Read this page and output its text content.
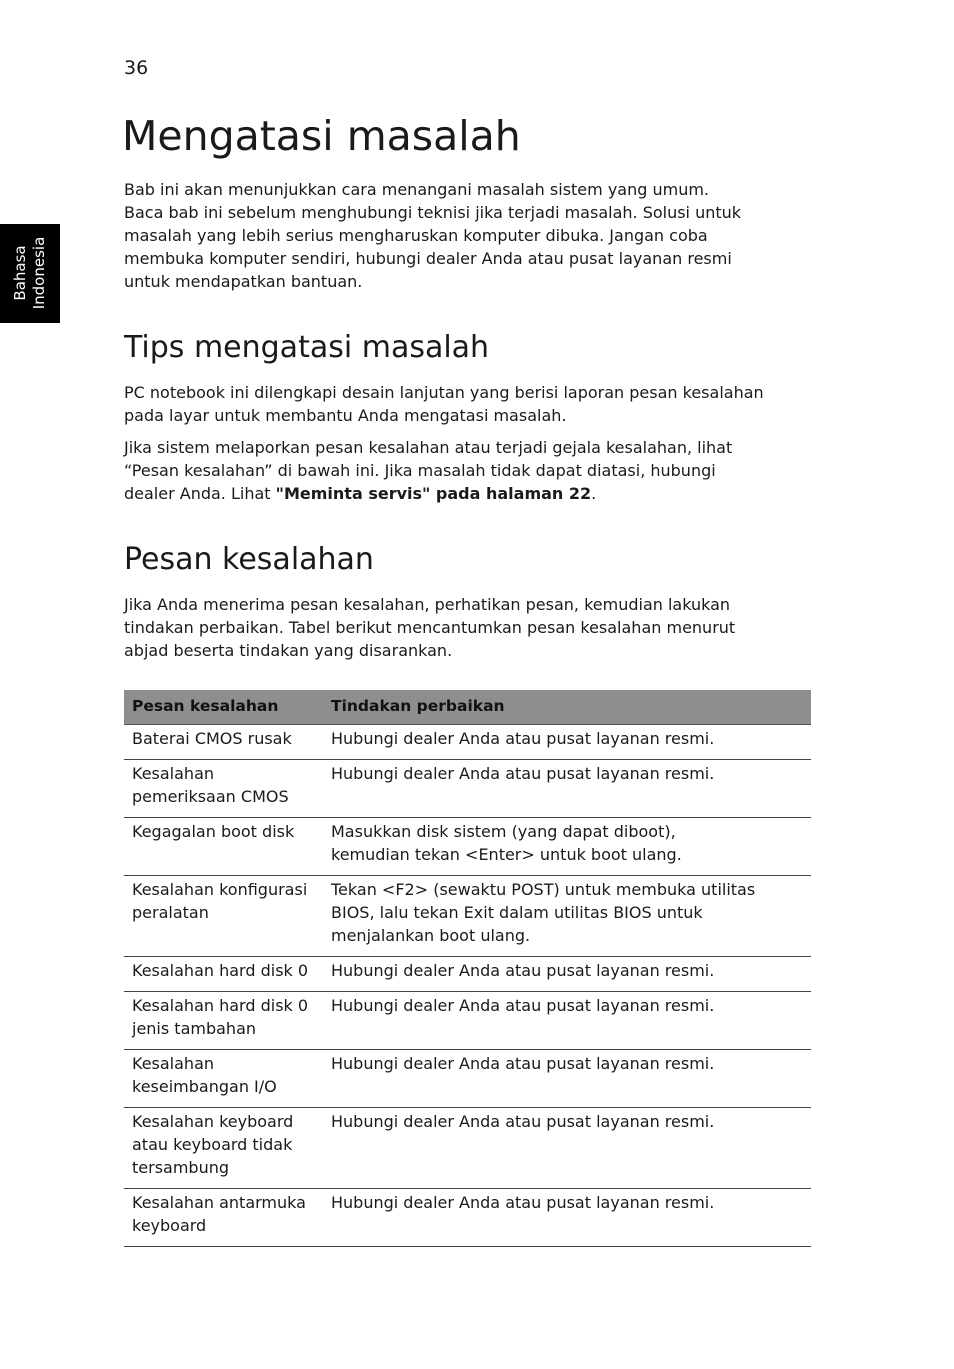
36
Bahasa Indonesia
Mengatasi masalah

Bab ini akan menunjukkan cara menangani masalah sistem yang umum.
Baca bab ini sebelum menghubungi teknisi jika terjadi masalah. Solusi untuk
masalah yang lebih serius mengharuskan komputer dibuka. Jangan coba
membuka komputer sendiri, hubungi dealer Anda atau pusat layanan resmi
untuk mendapatkan bantuan.

Tips mengatasi masalah

PC notebook ini dilengkapi desain lanjutan yang berisi laporan pesan kesalahan
pada layar untuk membantu Anda mengatasi masalah.

Jika sistem melaporkan pesan kesalahan atau terjadi gejala kesalahan, lihat
“Pesan kesalahan” di bawah ini. Jika masalah tidak dapat diatasi, hubungi
dealer Anda. Lihat "Meminta servis" pada halaman 22.

Pesan kesalahan

Jika Anda menerima pesan kesalahan, perhatikan pesan, kemudian lakukan
tindakan perbaikan. Tabel berikut mencantumkan pesan kesalahan menurut
abjad beserta tindakan yang disarankan.

Pesan kesalahan	Tindakan perbaikan

Baterai CMOS rusak	Hubungi dealer Anda atau pusat layanan resmi.

Kesalahan
pemeriksaan CMOS	Hubungi dealer Anda atau pusat layanan resmi.

Kegagalan boot disk	Masukkan disk sistem (yang dapat diboot),
kemudian tekan <Enter> untuk boot ulang.

Kesalahan konfigurasi
peralatan	Tekan <F2> (sewaktu POST) untuk membuka utilitas
BIOS, lalu tekan Exit dalam utilitas BIOS untuk
menjalankan boot ulang.

Kesalahan hard disk 0	Hubungi dealer Anda atau pusat layanan resmi.

Kesalahan hard disk 0
jenis tambahan	Hubungi dealer Anda atau pusat layanan resmi.

Kesalahan
keseimbangan I/O	Hubungi dealer Anda atau pusat layanan resmi.

Kesalahan keyboard
atau keyboard tidak
tersambung	Hubungi dealer Anda atau pusat layanan resmi.

Kesalahan antarmuka
keyboard	Hubungi dealer Anda atau pusat layanan resmi.
